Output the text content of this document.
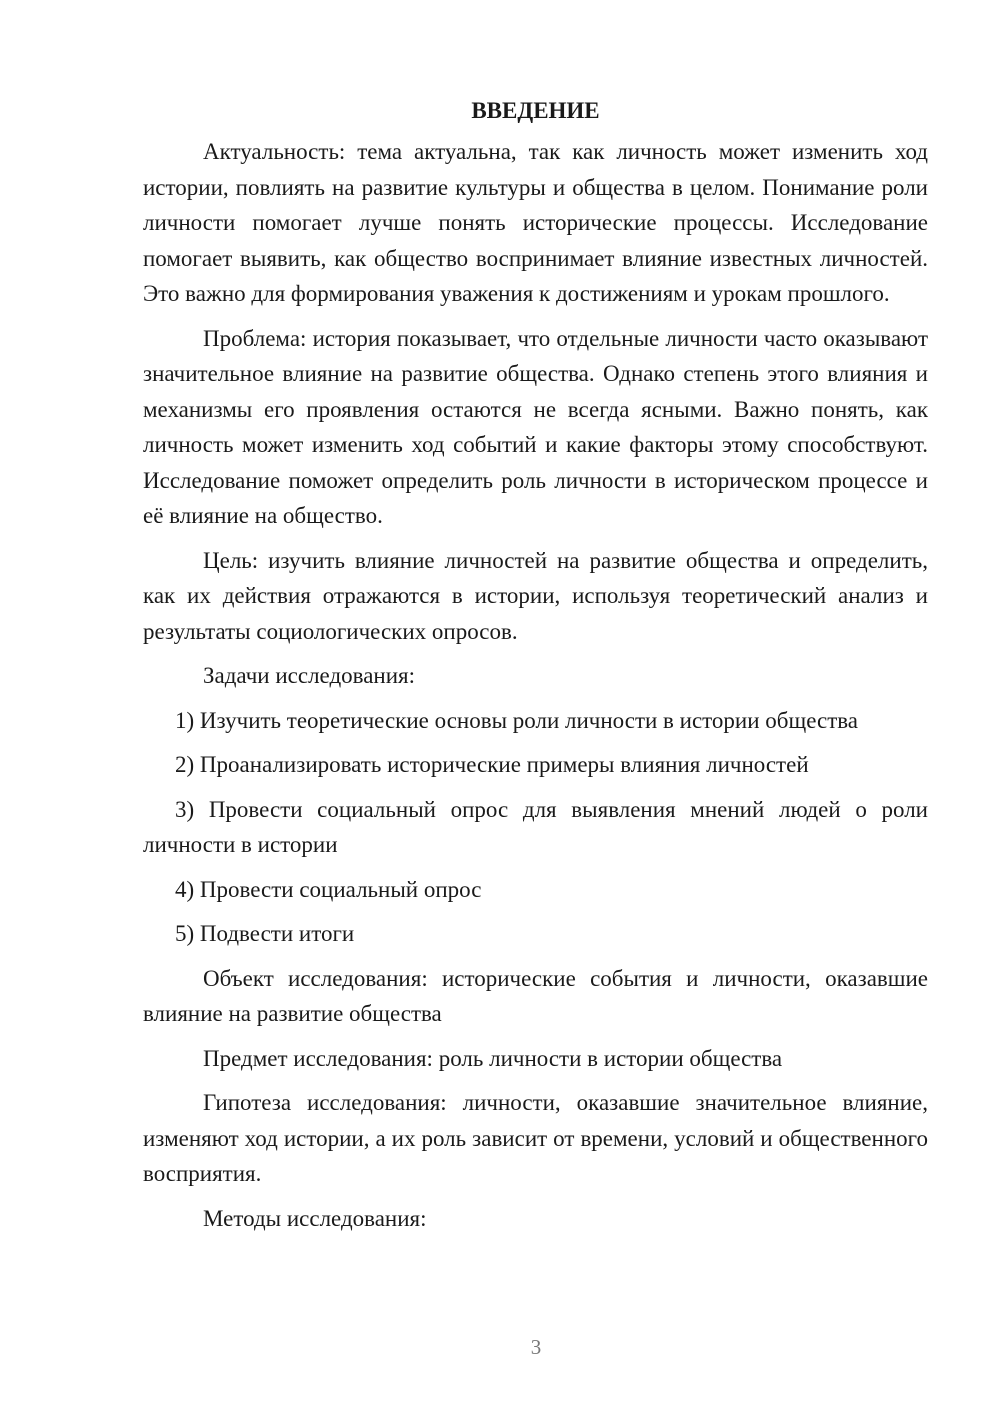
ВВЕДЕНИЕ

Актуальность: тема актуальна, так как личность может изменить ход истории, повлиять на развитие культуры и общества в целом. Понимание роли личности помогает лучше понять исторические процессы. Исследование помогает выявить, как общество воспринимает влияние известных личностей. Это важно для формирования уважения к достижениям и урокам прошлого.

Проблема: история показывает, что отдельные личности часто оказывают значительное влияние на развитие общества. Однако степень этого влияния и механизмы его проявления остаются не всегда ясными. Важно понять, как личность может изменить ход событий и какие факторы этому способствуют. Исследование поможет определить роль личности в историческом процессе и её влияние на общество.

Цель: изучить влияние личностей на развитие общества и определить, как их действия отражаются в истории, используя теоретический анализ и результаты социологических опросов.

Задачи исследования:

1) Изучить теоретические основы роли личности в истории общества

2) Проанализировать исторические примеры влияния личностей

3) Провести социальный опрос для выявления мнений людей о роли личности в истории

4) Провести социальный опрос

5) Подвести итоги

Объект исследования: исторические события и личности, оказавшие влияние на развитие общества

Предмет исследования: роль личности в истории общества

Гипотеза исследования: личности, оказавшие значительное влияние, изменяют ход истории, а их роль зависит от времени, условий и общественного восприятия.

Методы исследования:

3
